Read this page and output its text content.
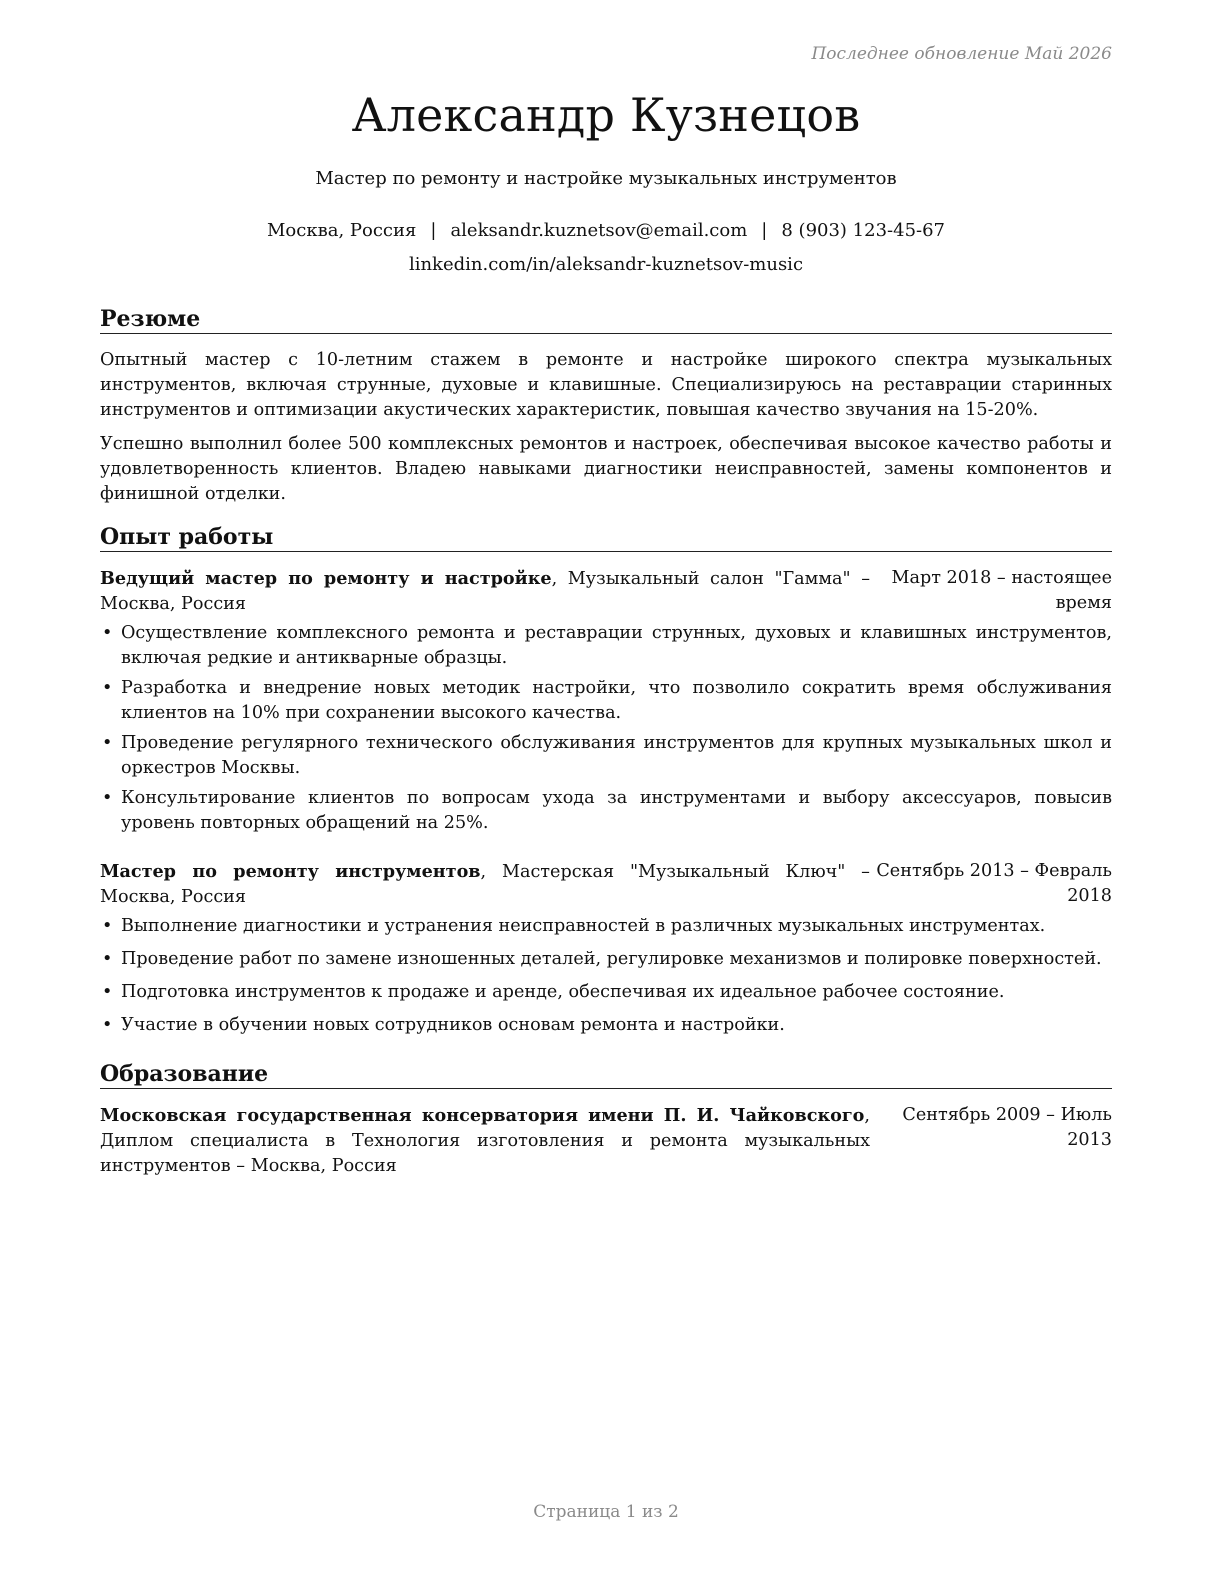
Последнее обновление Май 2026
Александр Кузнецов
Мастер по ремонту и настройке музыкальных инструментов
Москва, Россия | aleksandr.kuznetsov@email.com | 8 (903) 123-45-67
linkedin.com/in/aleksandr-kuznetsov-music
Резюме
Опытный мастер с 10-летним стажем в ремонте и настройке широкого спектра музыкальных инструментов, включая струнные, духовые и клавишные. Специализируюсь на реставрации старинных инструментов и оптимизации акустических характеристик, повышая качество звучания на 15-20%.
Успешно выполнил более 500 комплексных ремонтов и настроек, обеспечивая высокое качество работы и удовлетворенность клиентов. Владею навыками диагностики неисправностей, замены компонентов и финишной отделки.
Опыт работы
Ведущий мастер по ремонту и настройке, Музыкальный салон "Гамма" – Москва, Россия
Март 2018 – настоящее время
• Осуществление комплексного ремонта и реставрации струнных, духовых и клавишных инструментов, включая редкие и антикварные образцы.
• Разработка и внедрение новых методик настройки, что позволило сократить время обслуживания клиентов на 10% при сохранении высокого качества.
• Проведение регулярного технического обслуживания инструментов для крупных музыкальных школ и оркестров Москвы.
• Консультирование клиентов по вопросам ухода за инструментами и выбору аксессуаров, повысив уровень повторных обращений на 25%.
Мастер по ремонту инструментов, Мастерская "Музыкальный Ключ" – Москва, Россия
Сентябрь 2013 – Февраль 2018
• Выполнение диагностики и устранения неисправностей в различных музыкальных инструментах.
• Проведение работ по замене изношенных деталей, регулировке механизмов и полировке поверхностей.
• Подготовка инструментов к продаже и аренде, обеспечивая их идеальное рабочее состояние.
• Участие в обучении новых сотрудников основам ремонта и настройки.
Образование
Московская государственная консерватория имени П. И. Чайковского, Диплом специалиста в Технология изготовления и ремонта музыкальных инструментов – Москва, Россия
Сентябрь 2009 – Июль 2013
Страница 1 из 2
